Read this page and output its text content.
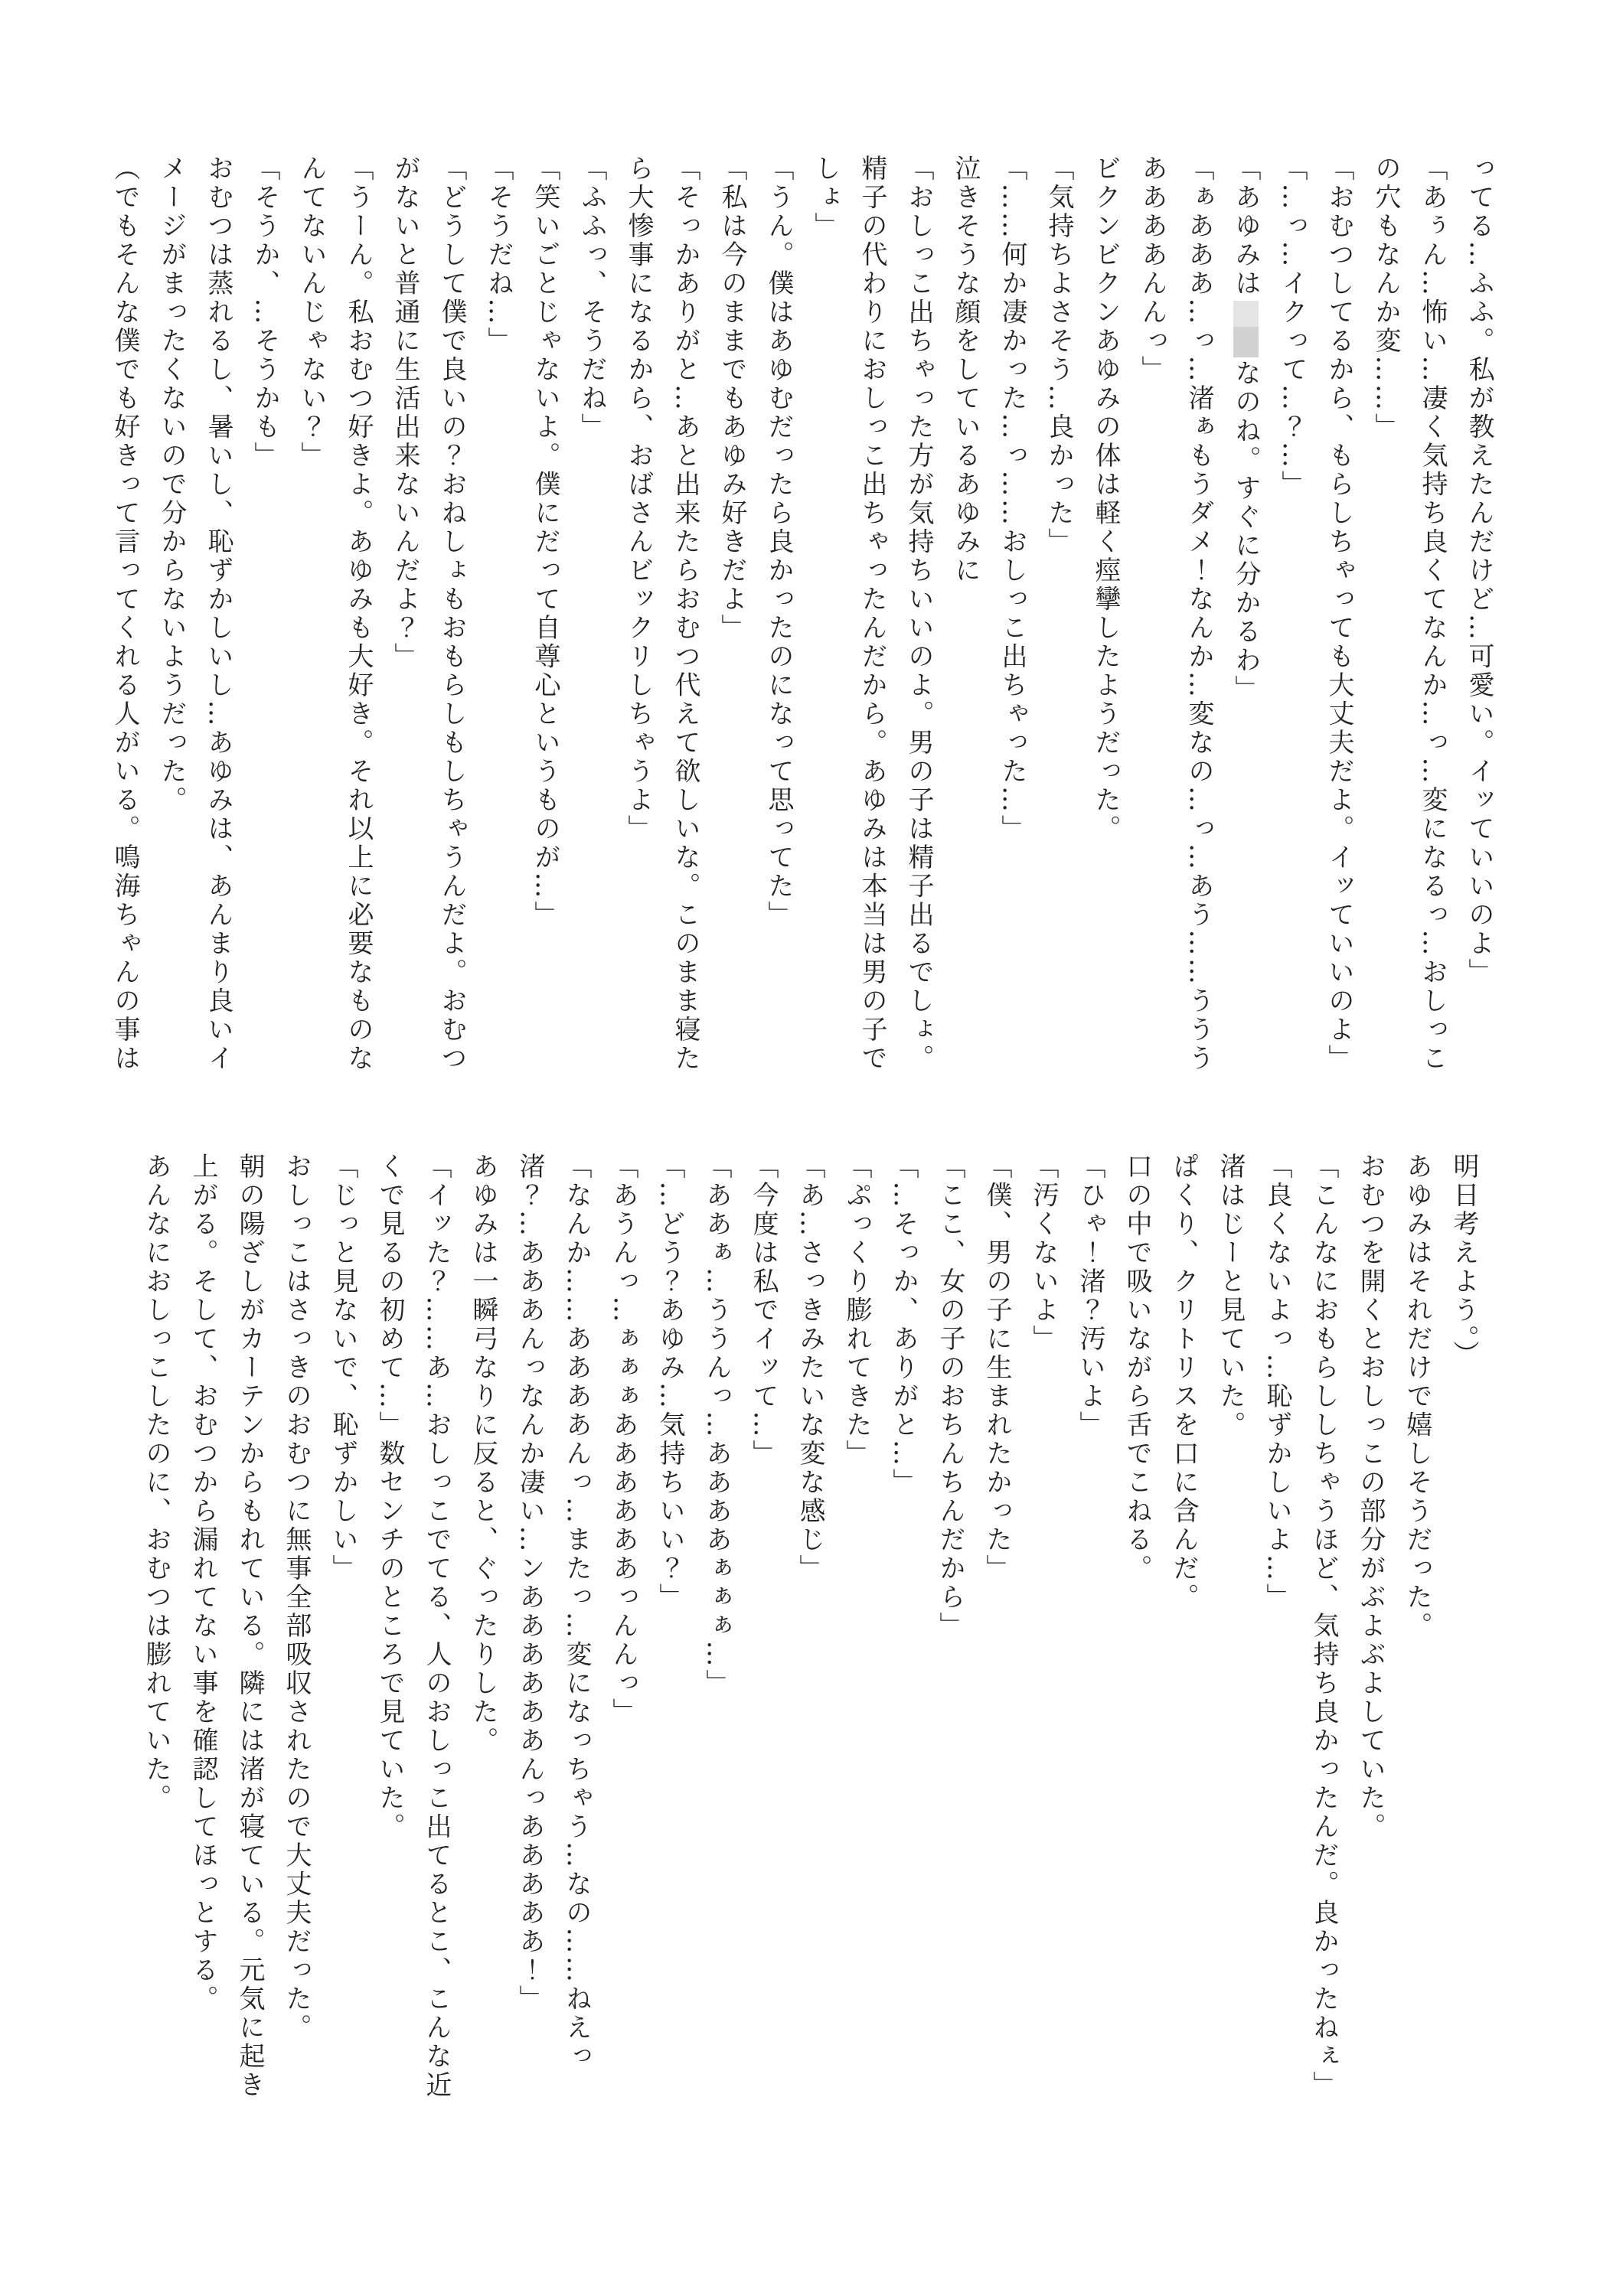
ってる…ふふ。私が教えたんだけど…可愛い。イッていいのよ」
「あぅん…怖い…凄く気持ち良くてなんか…っ…変になるっ…おしっこ
の穴もなんか変……」
「おむつしてるから、もらしちゃっても大丈夫だよ。イッていいのよ」
「…っ…イクって…？…」
「あゆみはなのね。すぐに分かるわ」
「ぁあああ…っ…渚ぁもうダメ！なんか…変なの…っ…あう……ううう
ああああんんっ」
ビクンビクンあゆみの体は軽く痙攣したようだった。
「気持ちよさそう…良かった」
「……何か凄かった…っ……おしっこ出ちゃった…」
泣きそうな顔をしているあゆみに
「おしっこ出ちゃった方が気持ちいいのよ。男の子は精子出るでしょ。
精子の代わりにおしっこ出ちゃったんだから。あゆみは本当は男の子で
しょ」
「うん。僕はあゆむだったら良かったのになって思ってた」
「私は今のままでもあゆみ好きだよ」
「そっかありがと…あと出来たらおむつ代えて欲しいな。このまま寝た
ら大惨事になるから、おばさんビックリしちゃうよ」
「ふふっ、そうだね」
「笑いごとじゃないよ。僕にだって自尊心というものが…」
「そうだね…」
「どうして僕で良いの？おねしょもおもらしもしちゃうんだよ。おむつ
がないと普通に生活出来ないんだよ？」
「うーん。私おむつ好きよ。あゆみも大好き。それ以上に必要なものな
んてないんじゃない？」
「そうか、…そうかも」
おむつは蒸れるし、暑いし、恥ずかしいし…あゆみは、あんまり良いイ
メージがまったくないので分からないようだった。
（でもそんな僕でも好きって言ってくれる人がいる。鳴海ちゃんの事は
明日考えよう。）
あゆみはそれだけで嬉しそうだった。
おむつを開くとおしっこの部分がぶよぶよしていた。
「こんなにおもらししちゃうほど、気持ち良かったんだ。良かったねぇ」
「良くないよっ…恥ずかしいよ…」
渚はじーと見ていた。
ぱくり、クリトリスを口に含んだ。
口の中で吸いながら舌でこねる。
「ひゃ！渚？汚いよ」
「汚くないよ」
「僕、男の子に生まれたかった」
「ここ、女の子のおちんちんだから」
「…そっか、ありがと…」
「ぷっくり膨れてきた」
「あ…さっきみたいな変な感じ」
「今度は私でイッて…」
「ああぁ…ううんっ…ああああぁぁぁ…」
「…どう？あゆみ…気持ちいい？」
「あうんっ…ぁぁぁああああああっんんっ」
「なんか……ああああんっ…またっ…変になっちゃう…なの……ねえっ
渚？…あああんっなんか凄い…ンああああああんっあああああ！」
あゆみは一瞬弓なりに反ると、ぐったりした。
「イッた？……あ…おしっこでてる、人のおしっこ出てるとこ、こんな近
くで見るの初めて…」数センチのところで見ていた。
「じっと見ないで、恥ずかしい」
おしっこはさっきのおむつに無事全部吸収されたので大丈夫だった。
朝の陽ざしがカーテンからもれている。隣には渚が寝ている。元気に起き
上がる。そして、おむつから漏れてない事を確認してほっとする。
あんなにおしっこしたのに、おむつは膨れていた。
